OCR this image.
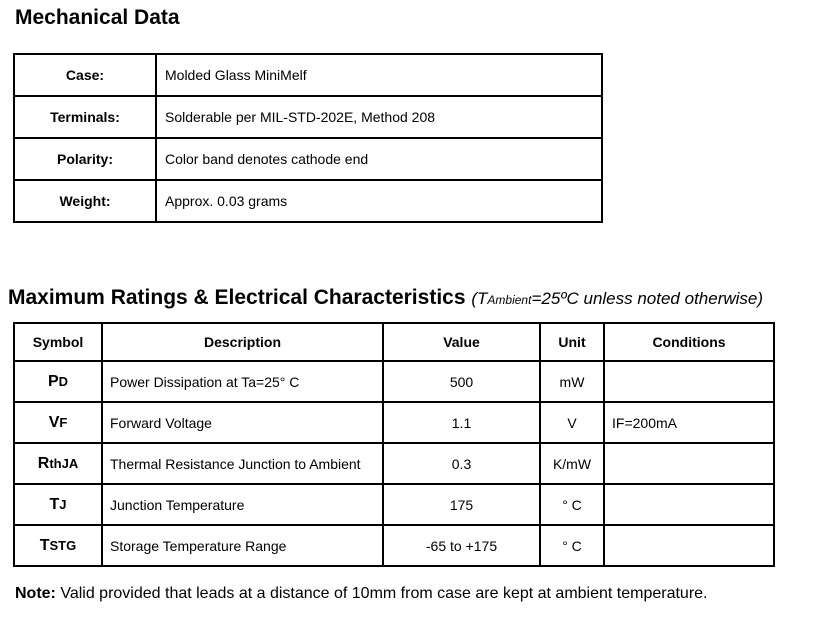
Mechanical Data
Case:	Molded Glass MiniMelf
Terminals:	Solderable per MIL-STD-202E, Method 208
Polarity:	Color band denotes cathode end
Weight:	Approx. 0.03 grams
Maximum Ratings & Electrical Characteristics (TAmbient=25ºC unless noted otherwise)
Symbol	Description	Value	Unit	Conditions
PD	Power Dissipation at Ta=25° C	500	mW	
VF	Forward Voltage	1.1	V	IF=200mA
RthJA	Thermal Resistance Junction to Ambient	0.3	K/mW	
TJ	Junction Temperature	175	° C	
TSTG	Storage Temperature Range	-65 to +175	° C	
Note: Valid provided that leads at a distance of 10mm from case are kept at ambient temperature.
